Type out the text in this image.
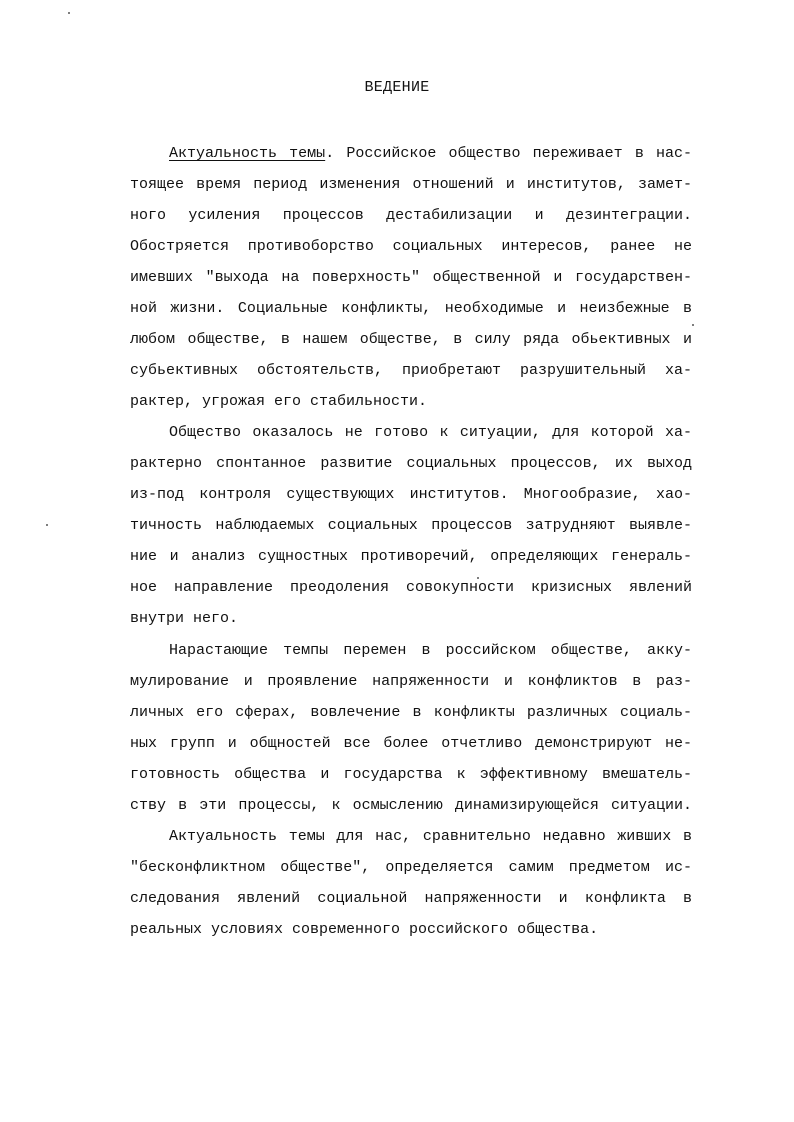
ВЕДЕНИЕ
Актуальность темы. Российское общество переживает в нас-
тоящее время период изменения отношений и институтов, замет-
ного усиления процессов дестабилизации и дезинтеграции.
Обостряется противоборство социальных интересов, ранее не
имевших "выхода на поверхность" общественной и государствен-
ной жизни. Социальные конфликты, необходимые и неизбежные в
любом обществе, в нашем обществе, в силу ряда обьективных и
субьективных обстоятельств, приобретают разрушительный ха-
рактер, угрожая его стабильности.
Общество оказалось не готово к ситуации, для которой ха-
рактерно спонтанное развитие социальных процессов, их выход
из-под контроля существующих институтов. Многообразие, хао-
тичность наблюдаемых социальных процессов затрудняют выявле-
ние и анализ сущностных противоречий, определяющих генераль-
ное направление преодоления совокупности кризисных явлений
внутри него.
Нарастающие темпы перемен в российском обществе, акку-
мулирование и проявление напряженности и конфликтов в раз-
личных его сферах, вовлечение в конфликты различных социаль-
ных групп и общностей все более отчетливо демонстрируют не-
готовность общества и государства к эффективному вмешатель-
ству в эти процессы, к осмыслению динамизирующейся ситуации.
Актуальность темы для нас, сравнительно недавно живших в
"бесконфликтном обществе", определяется самим предметом ис-
следования явлений социальной напряженности и конфликта в
реальных условиях современного российского общества.
